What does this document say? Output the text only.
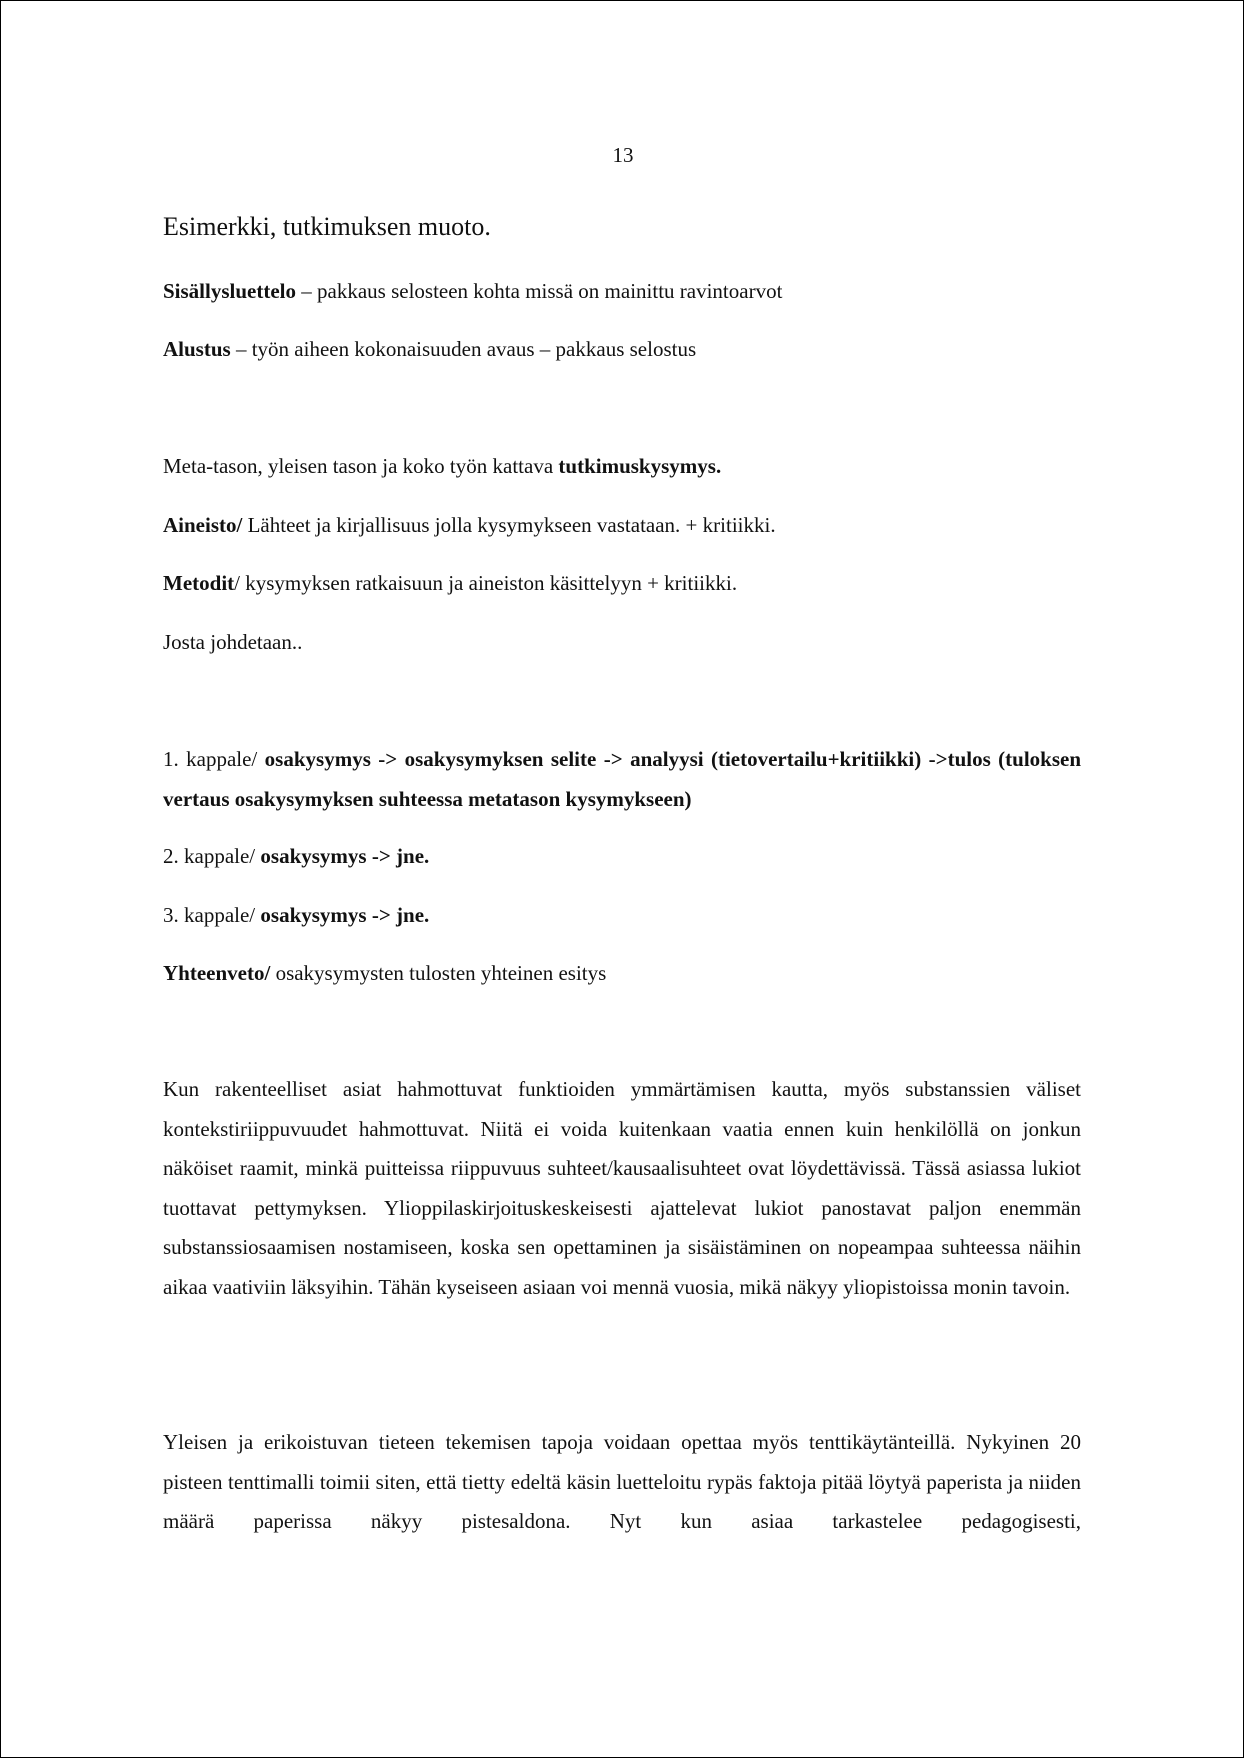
13
Esimerkki, tutkimuksen muoto.
Sisällysluettelo – pakkaus selosteen kohta missä on mainittu ravintoarvot
Alustus – työn aiheen kokonaisuuden avaus – pakkaus selostus
Meta-tason, yleisen tason ja koko työn kattava tutkimuskysymys.
Aineisto/ Lähteet ja kirjallisuus jolla kysymykseen vastataan. + kritiikki.
Metodit/ kysymyksen ratkaisuun ja aineiston käsittelyyn + kritiikki.
Josta johdetaan..
1. kappale/ osakysymys -> osakysymyksen selite -> analyysi (tietovertailu+kritiikki) ->tulos (tuloksen vertaus osakysymyksen suhteessa metatason kysymykseen)
2. kappale/ osakysymys -> jne.
3. kappale/ osakysymys -> jne.
Yhteenveto/ osakysymysten tulosten yhteinen esitys
Kun rakenteelliset asiat hahmottuvat funktioiden ymmärtämisen kautta, myös substanssien väliset kontekstiriippuvuudet hahmottuvat. Niitä ei voida kuitenkaan vaatia ennen kuin henkilöllä on jonkun näköiset raamit, minkä puitteissa riippuvuus suhteet/kausaalisuhteet ovat löydettävissä. Tässä asiassa lukiot tuottavat pettymyksen. Ylioppilaskirjoituskeskeisesti ajattelevat lukiot panostavat paljon enemmän substanssiosaamisen nostamiseen, koska sen opettaminen ja sisäistäminen on nopeampaa suhteessa näihin aikaa vaativiin läksyihin. Tähän kyseiseen asiaan voi mennä vuosia, mikä näkyy yliopistoissa monin tavoin.
Yleisen ja erikoistuvan tieteen tekemisen tapoja voidaan opettaa myös tenttikäytänteillä. Nykyinen 20 pisteen tenttimalli toimii siten, että tietty edeltä käsin luetteloitu rypäs faktoja pitää löytyä paperista ja niiden määrä paperissa näkyy pistesaldona. Nyt kun asiaa tarkastelee pedagogisesti,
